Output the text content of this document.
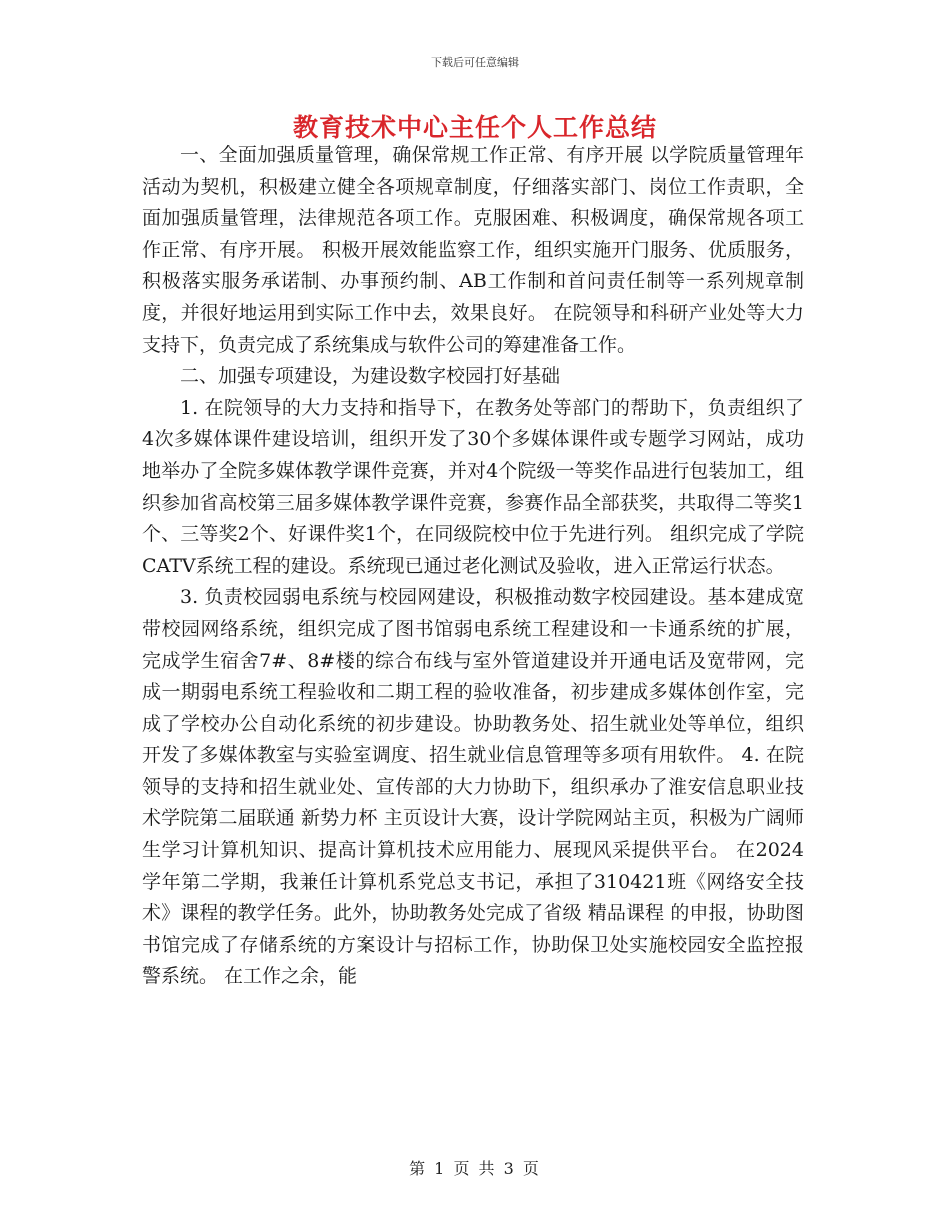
下载后可任意编辑
教育技术中心主任个人工作总结

一、全面加强质量管理，确保常规工作正常、有序开展 以学院质量管理年活动为契机，积极建立健全各项规章制度，仔细落实部门、岗位工作责职，全面加强质量管理，法律规范各项工作。克服困难、积极调度，确保常规各项工作正常、有序开展。 积极开展效能监察工作，组织实施开门服务、优质服务，积极落实服务承诺制、办事预约制、AB工作制和首问责任制等一系列规章制度，并很好地运用到实际工作中去，效果良好。 在院领导和科研产业处等大力支持下，负责完成了系统集成与软件公司的筹建准备工作。

二、加强专项建设，为建设数字校园打好基础

1. 在院领导的大力支持和指导下，在教务处等部门的帮助下，负责组织了4次多媒体课件建设培训，组织开发了30个多媒体课件或专题学习网站，成功地举办了全院多媒体教学课件竞赛，并对4个院级一等奖作品进行包装加工，组织参加省高校第三届多媒体教学课件竞赛，参赛作品全部获奖，共取得二等奖1个、三等奖2个、好课件奖1个，在同级院校中位于先进行列。 组织完成了学院CATV系统工程的建设。系统现已通过老化测试及验收，进入正常运行状态。

3. 负责校园弱电系统与校园网建设，积极推动数字校园建设。基本建成宽带校园网络系统，组织完成了图书馆弱电系统工程建设和一卡通系统的扩展，完成学生宿舍7#、8#楼的综合布线与室外管道建设并开通电话及宽带网，完成一期弱电系统工程验收和二期工程的验收准备，初步建成多媒体创作室，完成了学校办公自动化系统的初步建设。协助教务处、招生就业处等单位，组织开发了多媒体教室与实验室调度、招生就业信息管理等多项有用软件。 4. 在院领导的支持和招生就业处、宣传部的大力协助下，组织承办了淮安信息职业技术学院第二届联通 新势力杯 主页设计大赛，设计学院网站主页，积极为广阔师生学习计算机知识、提高计算机技术应用能力、展现风采提供平台。 在2024学年第二学期，我兼任计算机系党总支书记，承担了310421班《网络安全技术》课程的教学任务。此外，协助教务处完成了省级 精品课程 的申报，协助图书馆完成了存储系统的方案设计与招标工作，协助保卫处实施校园安全监控报警系统。 在工作之余，能

第 1 页 共 3 页
